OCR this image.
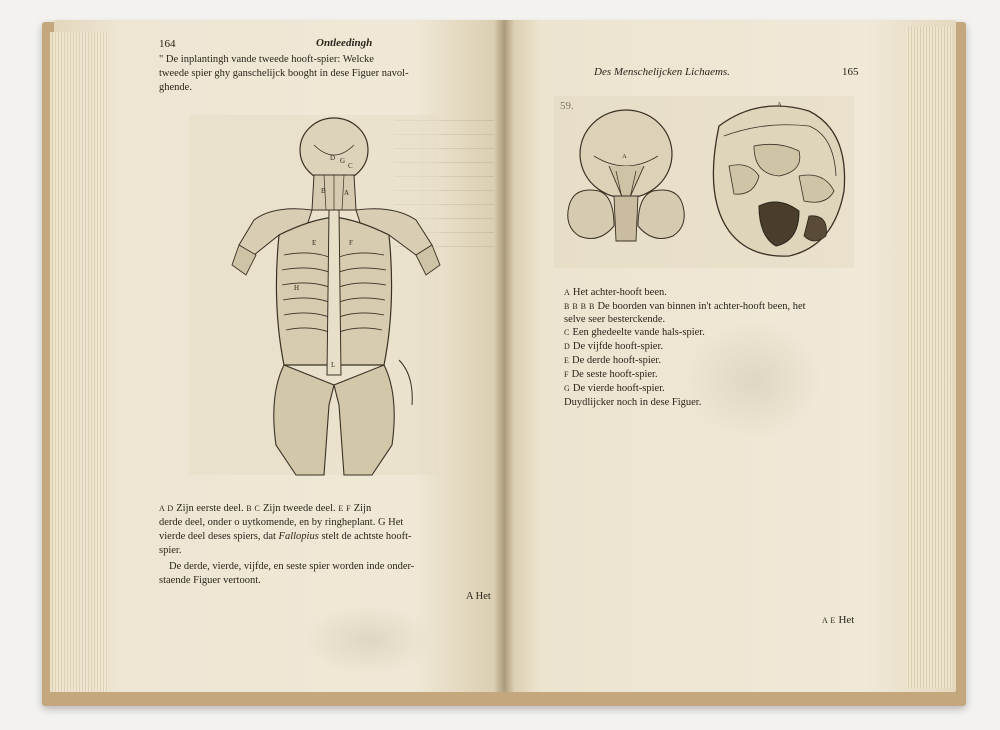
164	Ontleedingh
" De inplantingh vande tweede hooft-spier: Welcke
tweede spier ghy ganschelijck booght in dese Figuer navol-
ghende.
D G
C
B	A
E	F
L
H
A D Zijn eerste deel. B C Zijn tweede deel. E F Zijn
derde deel, onder o uytkomende, en by ringheplant. G Het
vierde deel deses spiers, dat Fallopius stelt de achtste hooft-
spier.
De derde, vierde, vijfde, en seste spier worden inde onder-
staende Figuer vertoont.
A Het
Des Menschelijcken Lichaems.	165
59.	A
A
A Het achter-hooft been.
B B B B De boorden van binnen in't achter-hooft been, het
selve seer besterckende.
C Een ghedeelte vande hals-spier.
D De vijfde hooft-spier.
E De derde hooft-spier.
F De seste hooft-spier.
G De vierde hooft-spier.
Duydlijcker noch in dese Figuer.
A E Het
